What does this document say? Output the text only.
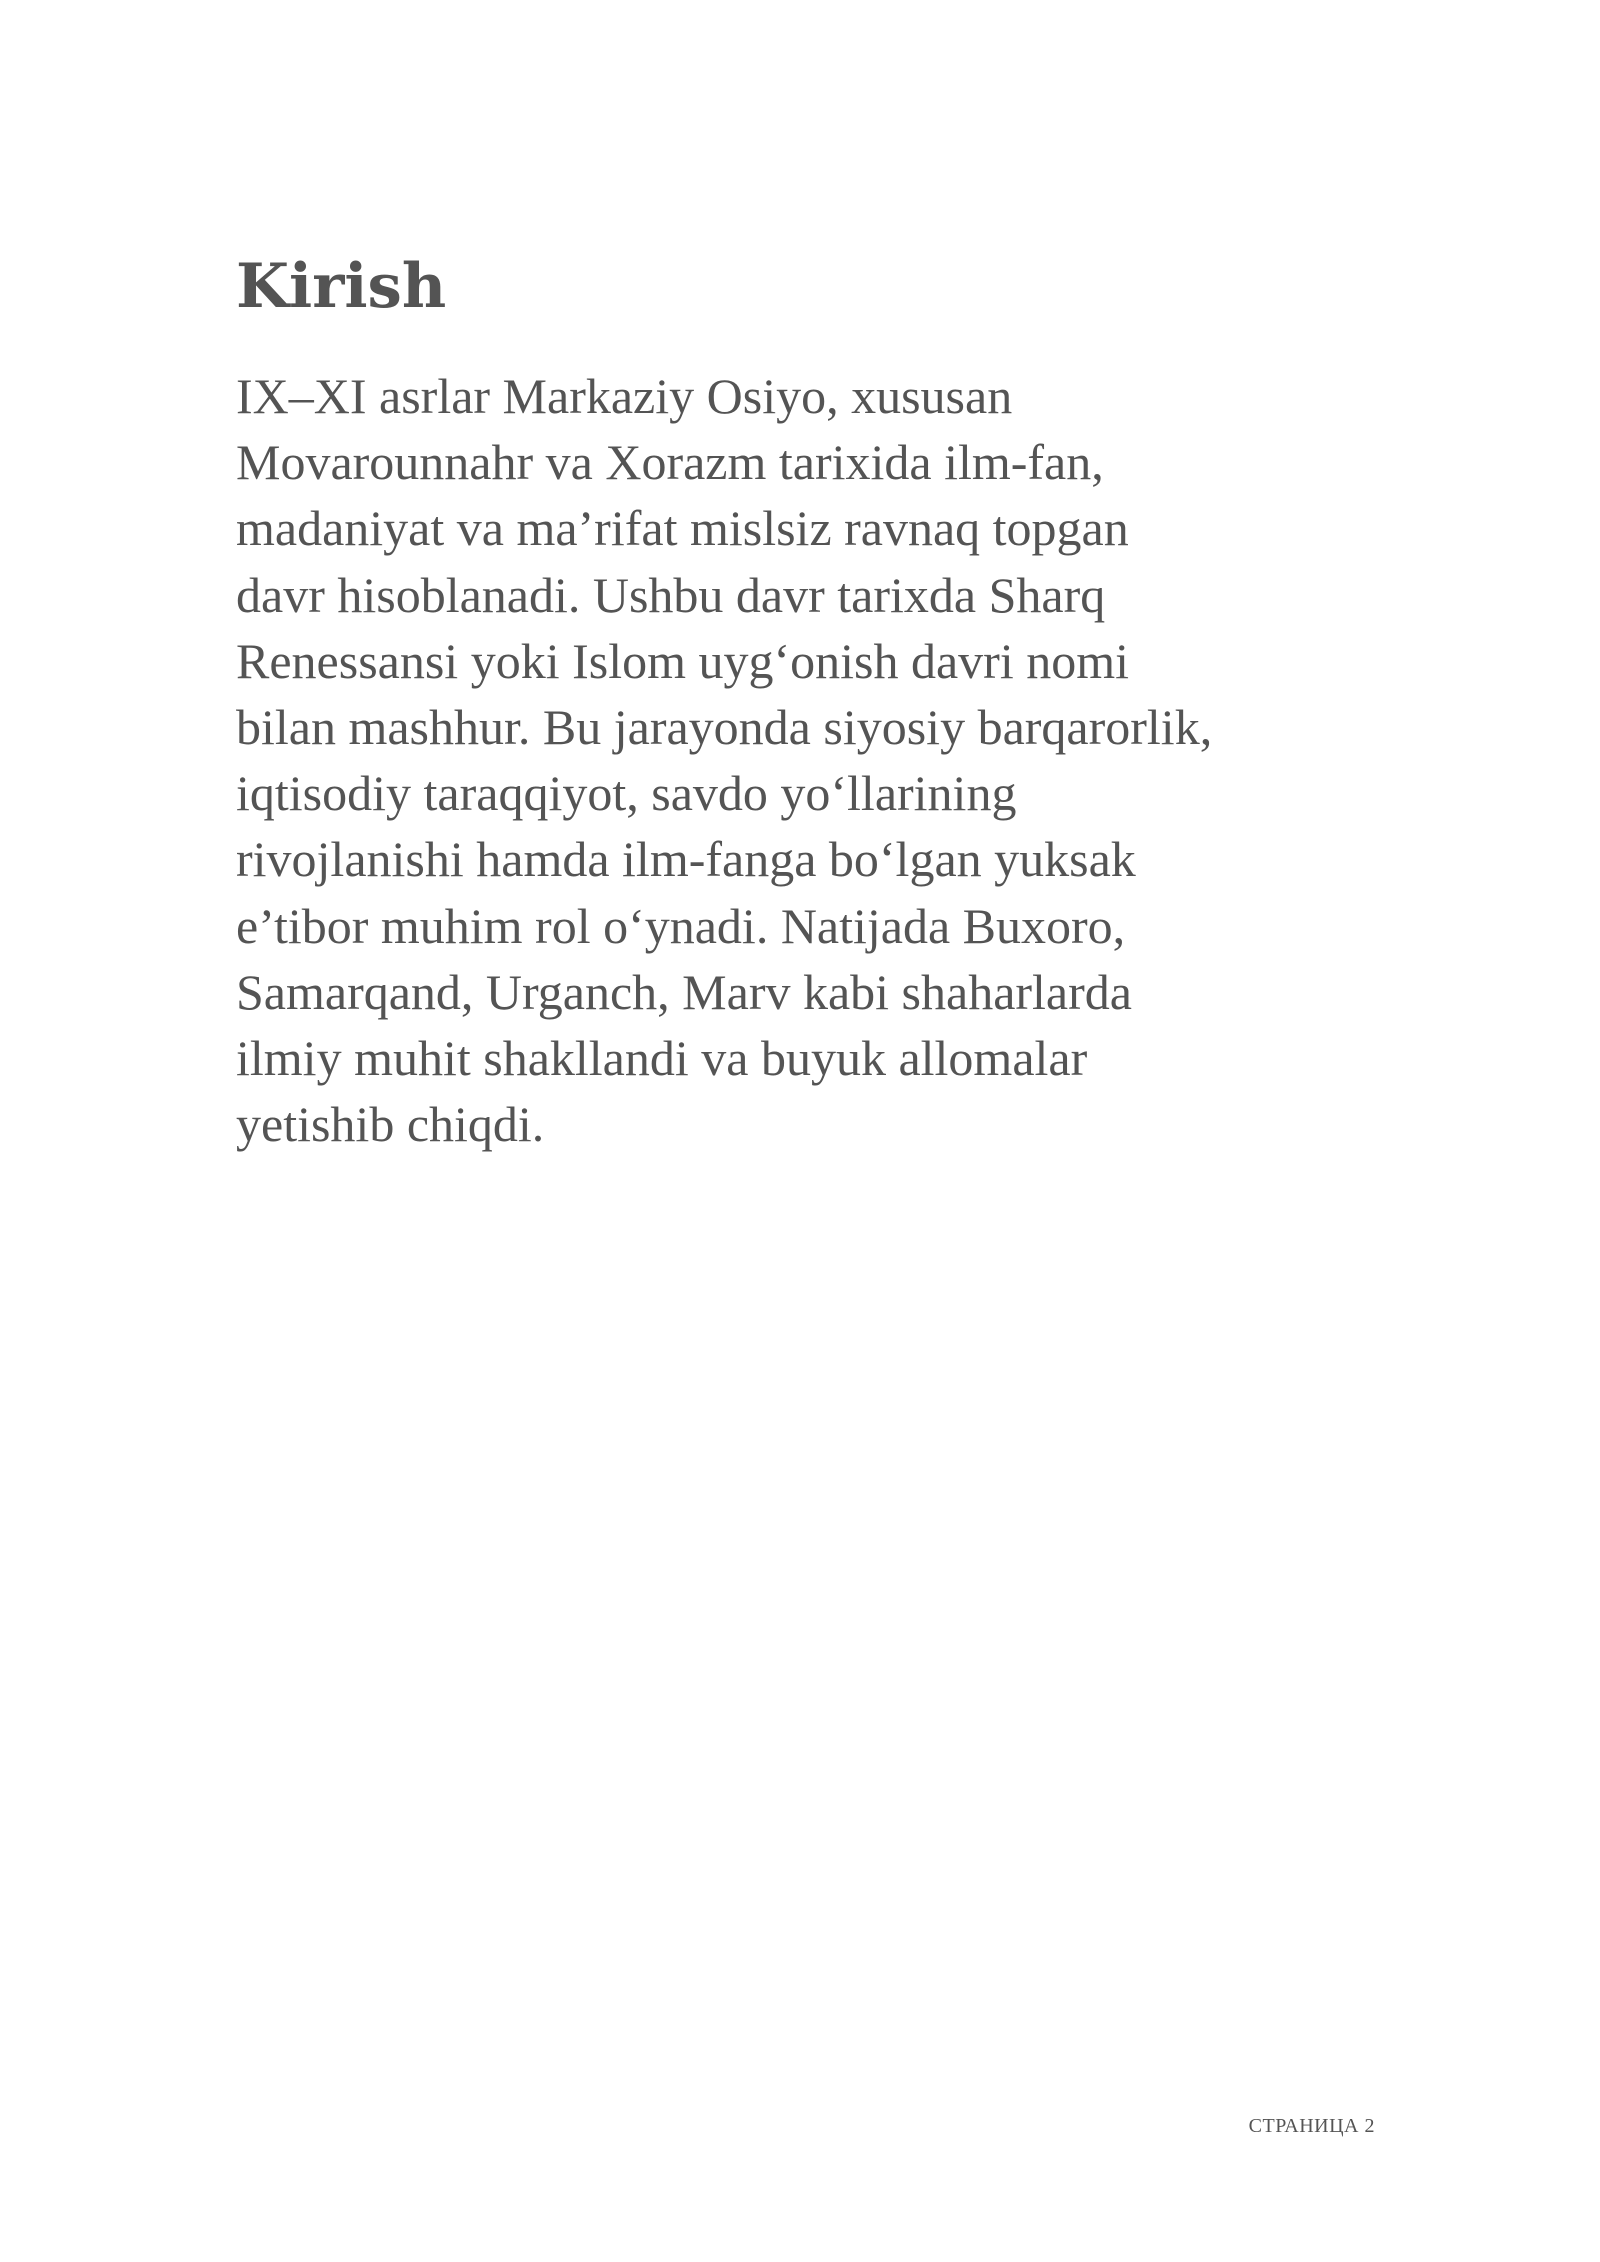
Kirish

IX–XI asrlar Markaziy Osiyo, xususan
Movarounnahr va Xorazm tarixida ilm-fan,
madaniyat va ma’rifat mislsiz ravnaq topgan
davr hisoblanadi. Ushbu davr tarixda Sharq
Renessansi yoki Islom uyg‘onish davri nomi
bilan mashhur. Bu jarayonda siyosiy barqarorlik,
iqtisodiy taraqqiyot, savdo yo‘llarining
rivojlanishi hamda ilm-fanga bo‘lgan yuksak
e’tibor muhim rol o‘ynadi. Natijada Buxoro,
Samarqand, Urganch, Marv kabi shaharlarda
ilmiy muhit shakllandi va buyuk allomalar
yetishib chiqdi.

СТРАНИЦА 2
